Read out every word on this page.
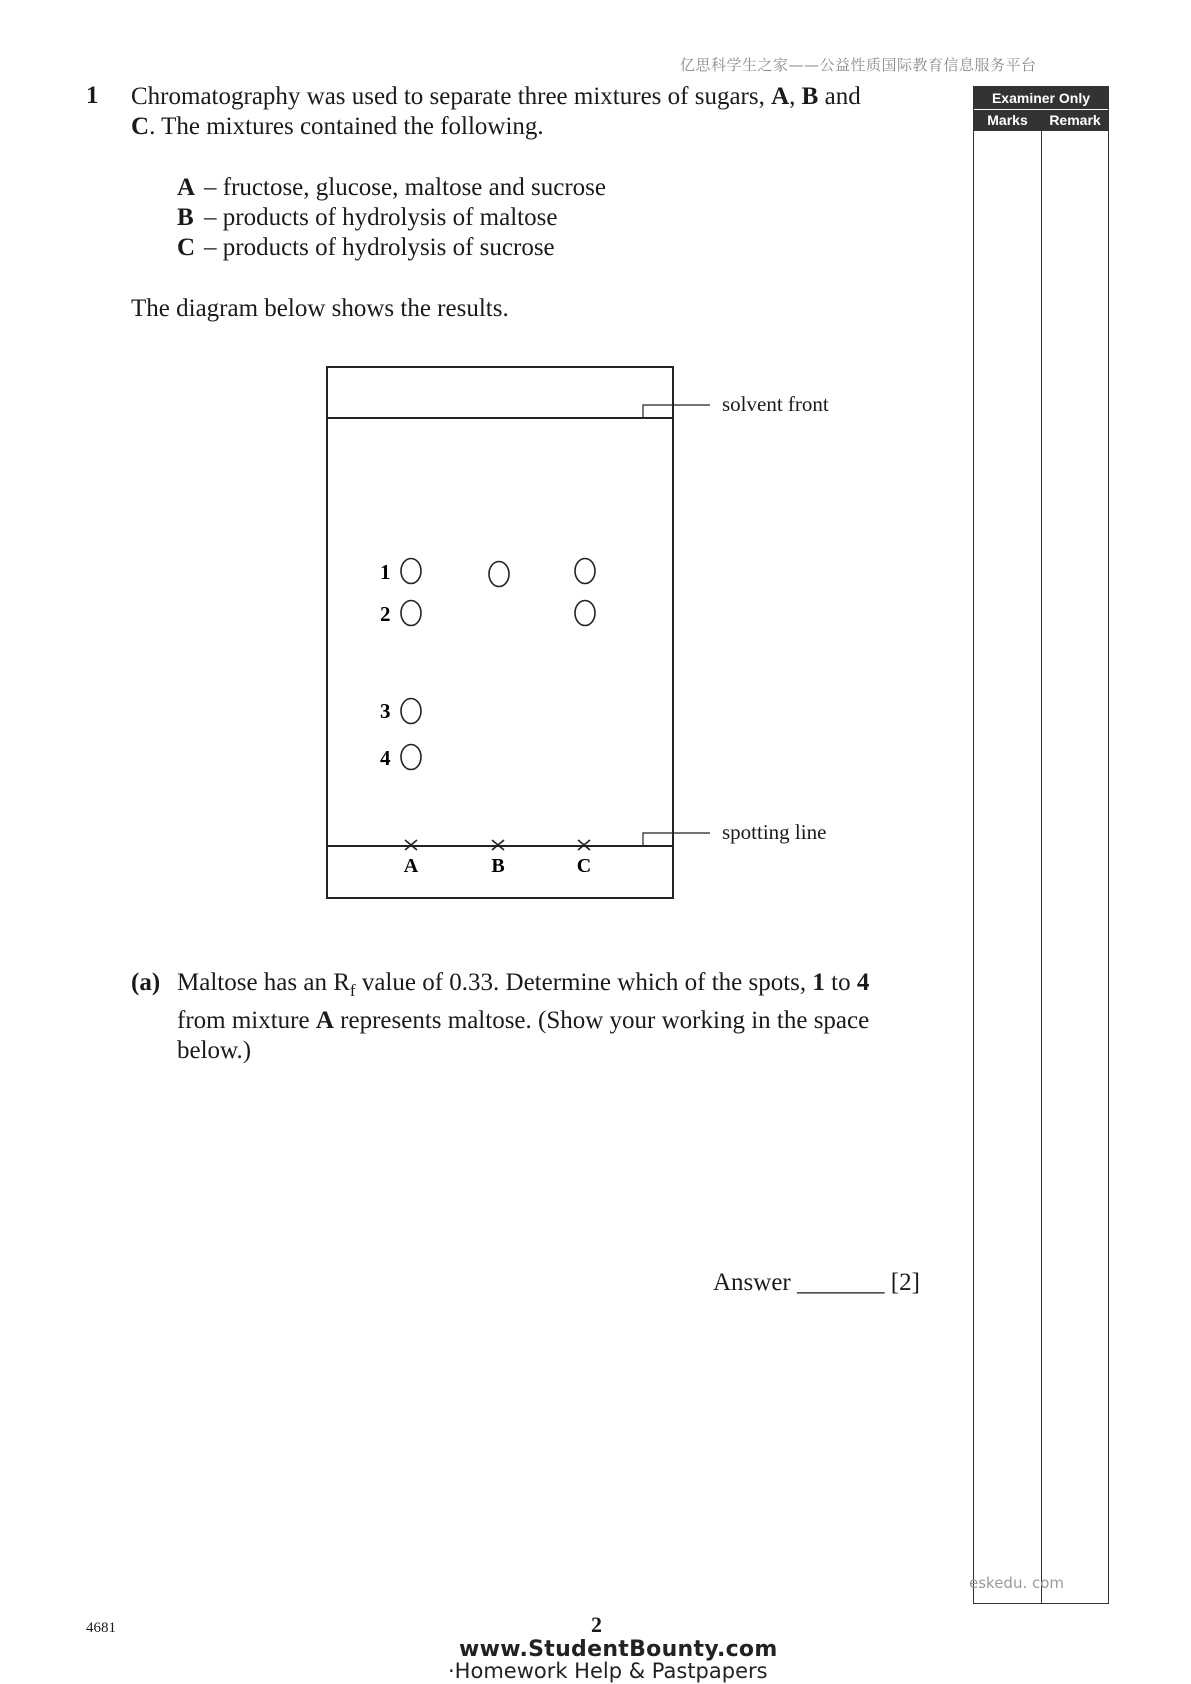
亿思科学生之家——公益性质国际教育信息服务平台
Examiner Only
Marks	Remark
1 Chromatography was used to separate three mixtures of sugars, A, B and
C. The mixtures contained the following.
A – fructose, glucose, maltose and sucrose
B – products of hydrolysis of maltose
C – products of hydrolysis of sucrose
The diagram below shows the results.
solvent front
spotting line
1
2
3
4
A	B	C
(a) Maltose has an $R_f$ value of 0.33. Determine which of the spots, 1 to 4
from mixture A represents maltose. (Show your working in the space
below.)
Answer _______ [2]
eskedu. com
4681	2
www.StudentBounty.com
·Homework Help & Pastpapers
